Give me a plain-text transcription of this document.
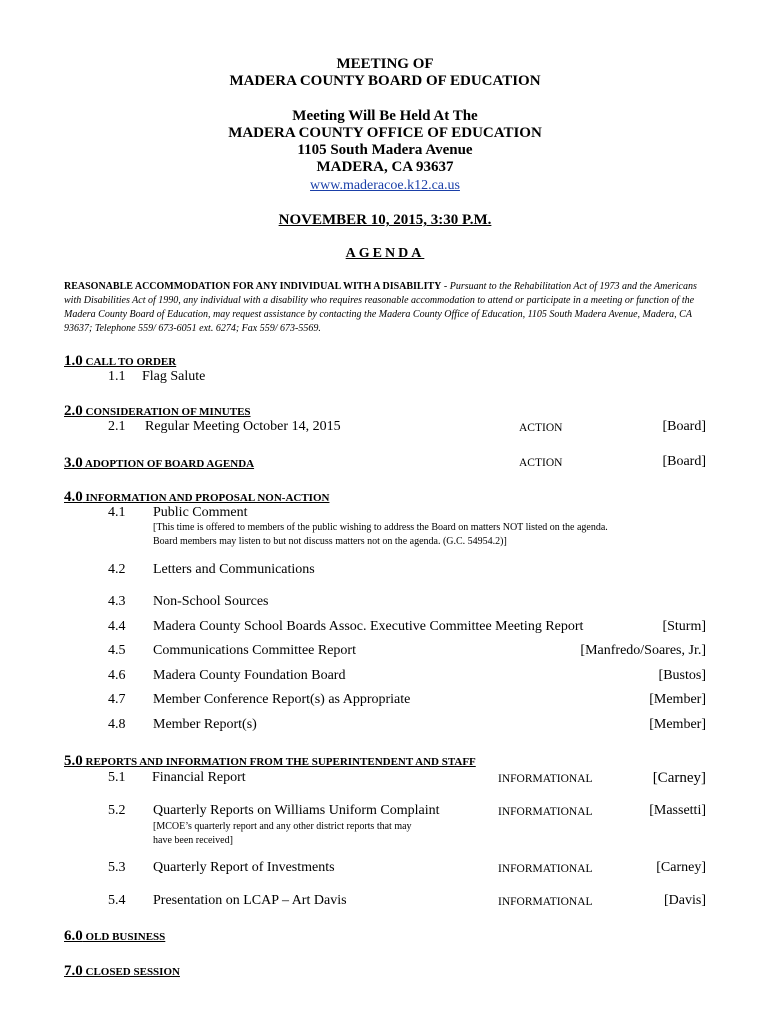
MEETING OF
MADERA COUNTY BOARD OF EDUCATION
Meeting Will Be Held At The
MADERA COUNTY OFFICE OF EDUCATION
1105 South Madera Avenue
MADERA, CA 93637
www.maderacoe.k12.ca.us
NOVEMBER 10, 2015, 3:30 P.M.
AGENDA
REASONABLE ACCOMMODATION FOR ANY INDIVIDUAL WITH A DISABILITY - Pursuant to the Rehabilitation Act of 1973 and the Americans with Disabilities Act of 1990, any individual with a disability who requires reasonable accommodation to attend or participate in a meeting or function of the Madera County Board of Education, may request assistance by contacting the Madera County Office of Education, 1105 South Madera Avenue, Madera, CA 93637; Telephone 559/ 673-6051 ext. 6274; Fax 559/ 673-5569.
1.0 CALL TO ORDER
1.1 Flag Salute
2.0 CONSIDERATION OF MINUTES
2.1 Regular Meeting October 14, 2015	ACTION	[Board]
3.0 ADOPTION OF BOARD AGENDA	ACTION	[Board]
4.0 INFORMATION AND PROPOSAL NON-ACTION
4.1 Public Comment
[This time is offered to members of the public wishing to address the Board on matters NOT listed on the agenda.
Board members may listen to but not discuss matters not on the agenda. (G.C. 54954.2)]
4.2 Letters and Communications
4.3 Non-School Sources
4.4 Madera County School Boards Assoc. Executive Committee Meeting Report	[Sturm]
4.5 Communications Committee Report	[Manfredo/Soares, Jr.]
4.6 Madera County Foundation Board	[Bustos]
4.7 Member Conference Report(s) as Appropriate	[Member]
4.8 Member Report(s)	[Member]
5.0 REPORTS AND INFORMATION FROM THE SUPERINTENDENT AND STAFF
5.1 Financial Report	INFORMATIONAL	[Carney]
5.2 Quarterly Reports on Williams Uniform Complaint	INFORMATIONAL	[Massetti]
[MCOE’s quarterly report and any other district reports that may
have been received]
5.3 Quarterly Report of Investments	INFORMATIONAL	[Carney]
5.4 Presentation on LCAP – Art Davis	INFORMATIONAL	[Davis]
6.0 OLD BUSINESS
7.0 CLOSED SESSION
